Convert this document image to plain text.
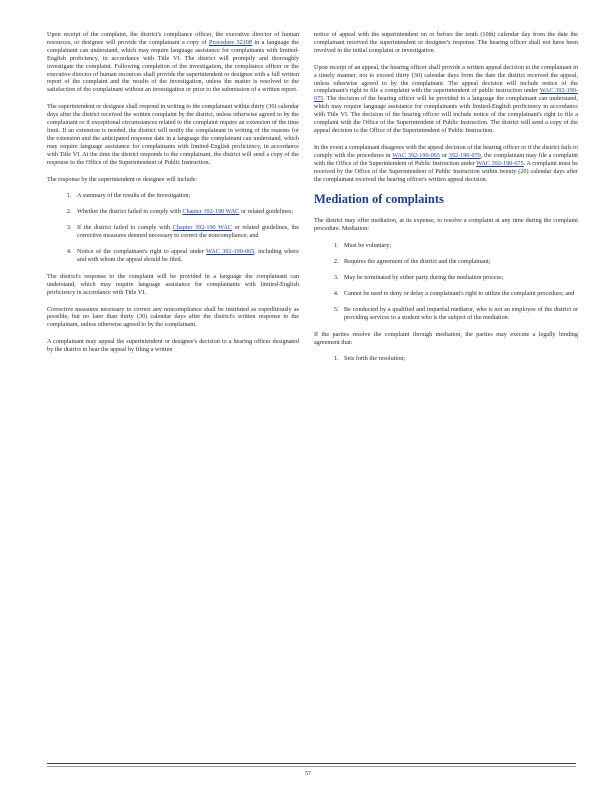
Upon receipt of the complaint, the district's compliance officer, the executive director of human resources, or designee will provide the complainant a copy of Procedure 3210P in a language the complainant can understand, which may require language assistance for complainants with limited-English proficiency, in accordance with Title VI. The district will promptly and thoroughly investigate the complaint. Following completion of the investigation, the compliance officer or the executive director of human resources shall provide the superintendent or designee with a full written report of the complaint and the results of the investigation, unless the matter is resolved to the satisfaction of the complainant without an investigation or prior to the submission of a written report.

The superintendent or designee shall respond in writing to the complainant within thirty (30) calendar days after the district received the written complaint by the district, unless otherwise agreed to by the complainant or if exceptional circumstances related to the complaint require an extension of the time limit. If an extension is needed, the district will notify the complainant in writing of the reasons for the extension and the anticipated response date in a language the complainant can understand, which may require language assistance for complainants with limited-English proficiency, in accordance with Title VI. At the time the district responds to the complainant, the district will send a copy of the response to the Office of the Superintendent of Public Instruction.

The response by the superintendent or designee will include:

1. A summary of the results of the investigation;
2. Whether the district failed to comply with Chapter 392-190 WAC or related guidelines;
3. If the district failed to comply with Chapter 392-190 WAC or related guidelines, the corrective measures deemed necessary to correct the noncompliance; and
4. Notice of the complainant's right to appeal under WAC 392-190-065, including where and with whom the appeal should be filed.

The district's response to the complaint will be provided in a language the complainant can understand, which may require language assistance for complainants with limited-English proficiency in accordance with Title VI.

Corrective measures necessary to correct any noncompliance shall be instituted as expeditiously as possible, but no later than thirty (30) calendar days after the district's written response to the complainant, unless otherwise agreed to by the complainant.

A complainant may appeal the superintendent or designee's decision to a hearing officer designated by the district to hear the appeal by filing a written

notice of appeal with the superintendent on or before the tenth (10th) calendar day from the date the complainant received the superintendent or designee's response. The hearing officer shall not have been involved in the initial complaint or investigation.

Upon receipt of an appeal, the hearing officer shall provide a written appeal decision to the complainant in a timely manner, not to exceed thirty (30) calendar days from the date the district received the appeal, unless otherwise agreed to by the complainant. The appeal decision will include notice of the complainant's right to file a complaint with the superintendent of public instruction under WAC 392-190-075. The decision of the hearing officer will be provided in a language the complainant can understand, which may require language assistance for complainants with limited-English proficiency in accordance with Title VI. The decision of the hearing officer will include notice of the complainant's right to file a complaint with the Office of the Superintendent of Public Instruction. The district will send a copy of the appeal decision to the Office of the Superintendent of Public Instruction.

In the event a complainant disagrees with the appeal decision of the hearing officer or if the district fails to comply with the procedures in WAC 392-190-065 or 392-190-070, the complainant may file a complaint with the Office of the Superintendent of Public Instruction under WAC 392-190-075. A complaint must be received by the Office of the Superintendent of Public Instruction within twenty (20) calendar days after the complainant received the hearing officer's written appeal decision.

Mediation of complaints

The district may offer mediation, at its expense, to resolve a complaint at any time during the complaint procedure. Mediation:

1. Must be voluntary;
2. Requires the agreement of the district and the complainant;
3. May be terminated by either party during the mediation process;
4. Cannot be used to deny or delay a complainant's right to utilize the complaint procedure; and
5. Be conducted by a qualified and impartial mediator, who is not an employee of the district or providing services to a student who is the subject of the mediation.

If the parties resolve the complaint through mediation, the parties may execute a legally binding agreement that:

1. Sets forth the resolution;
57
